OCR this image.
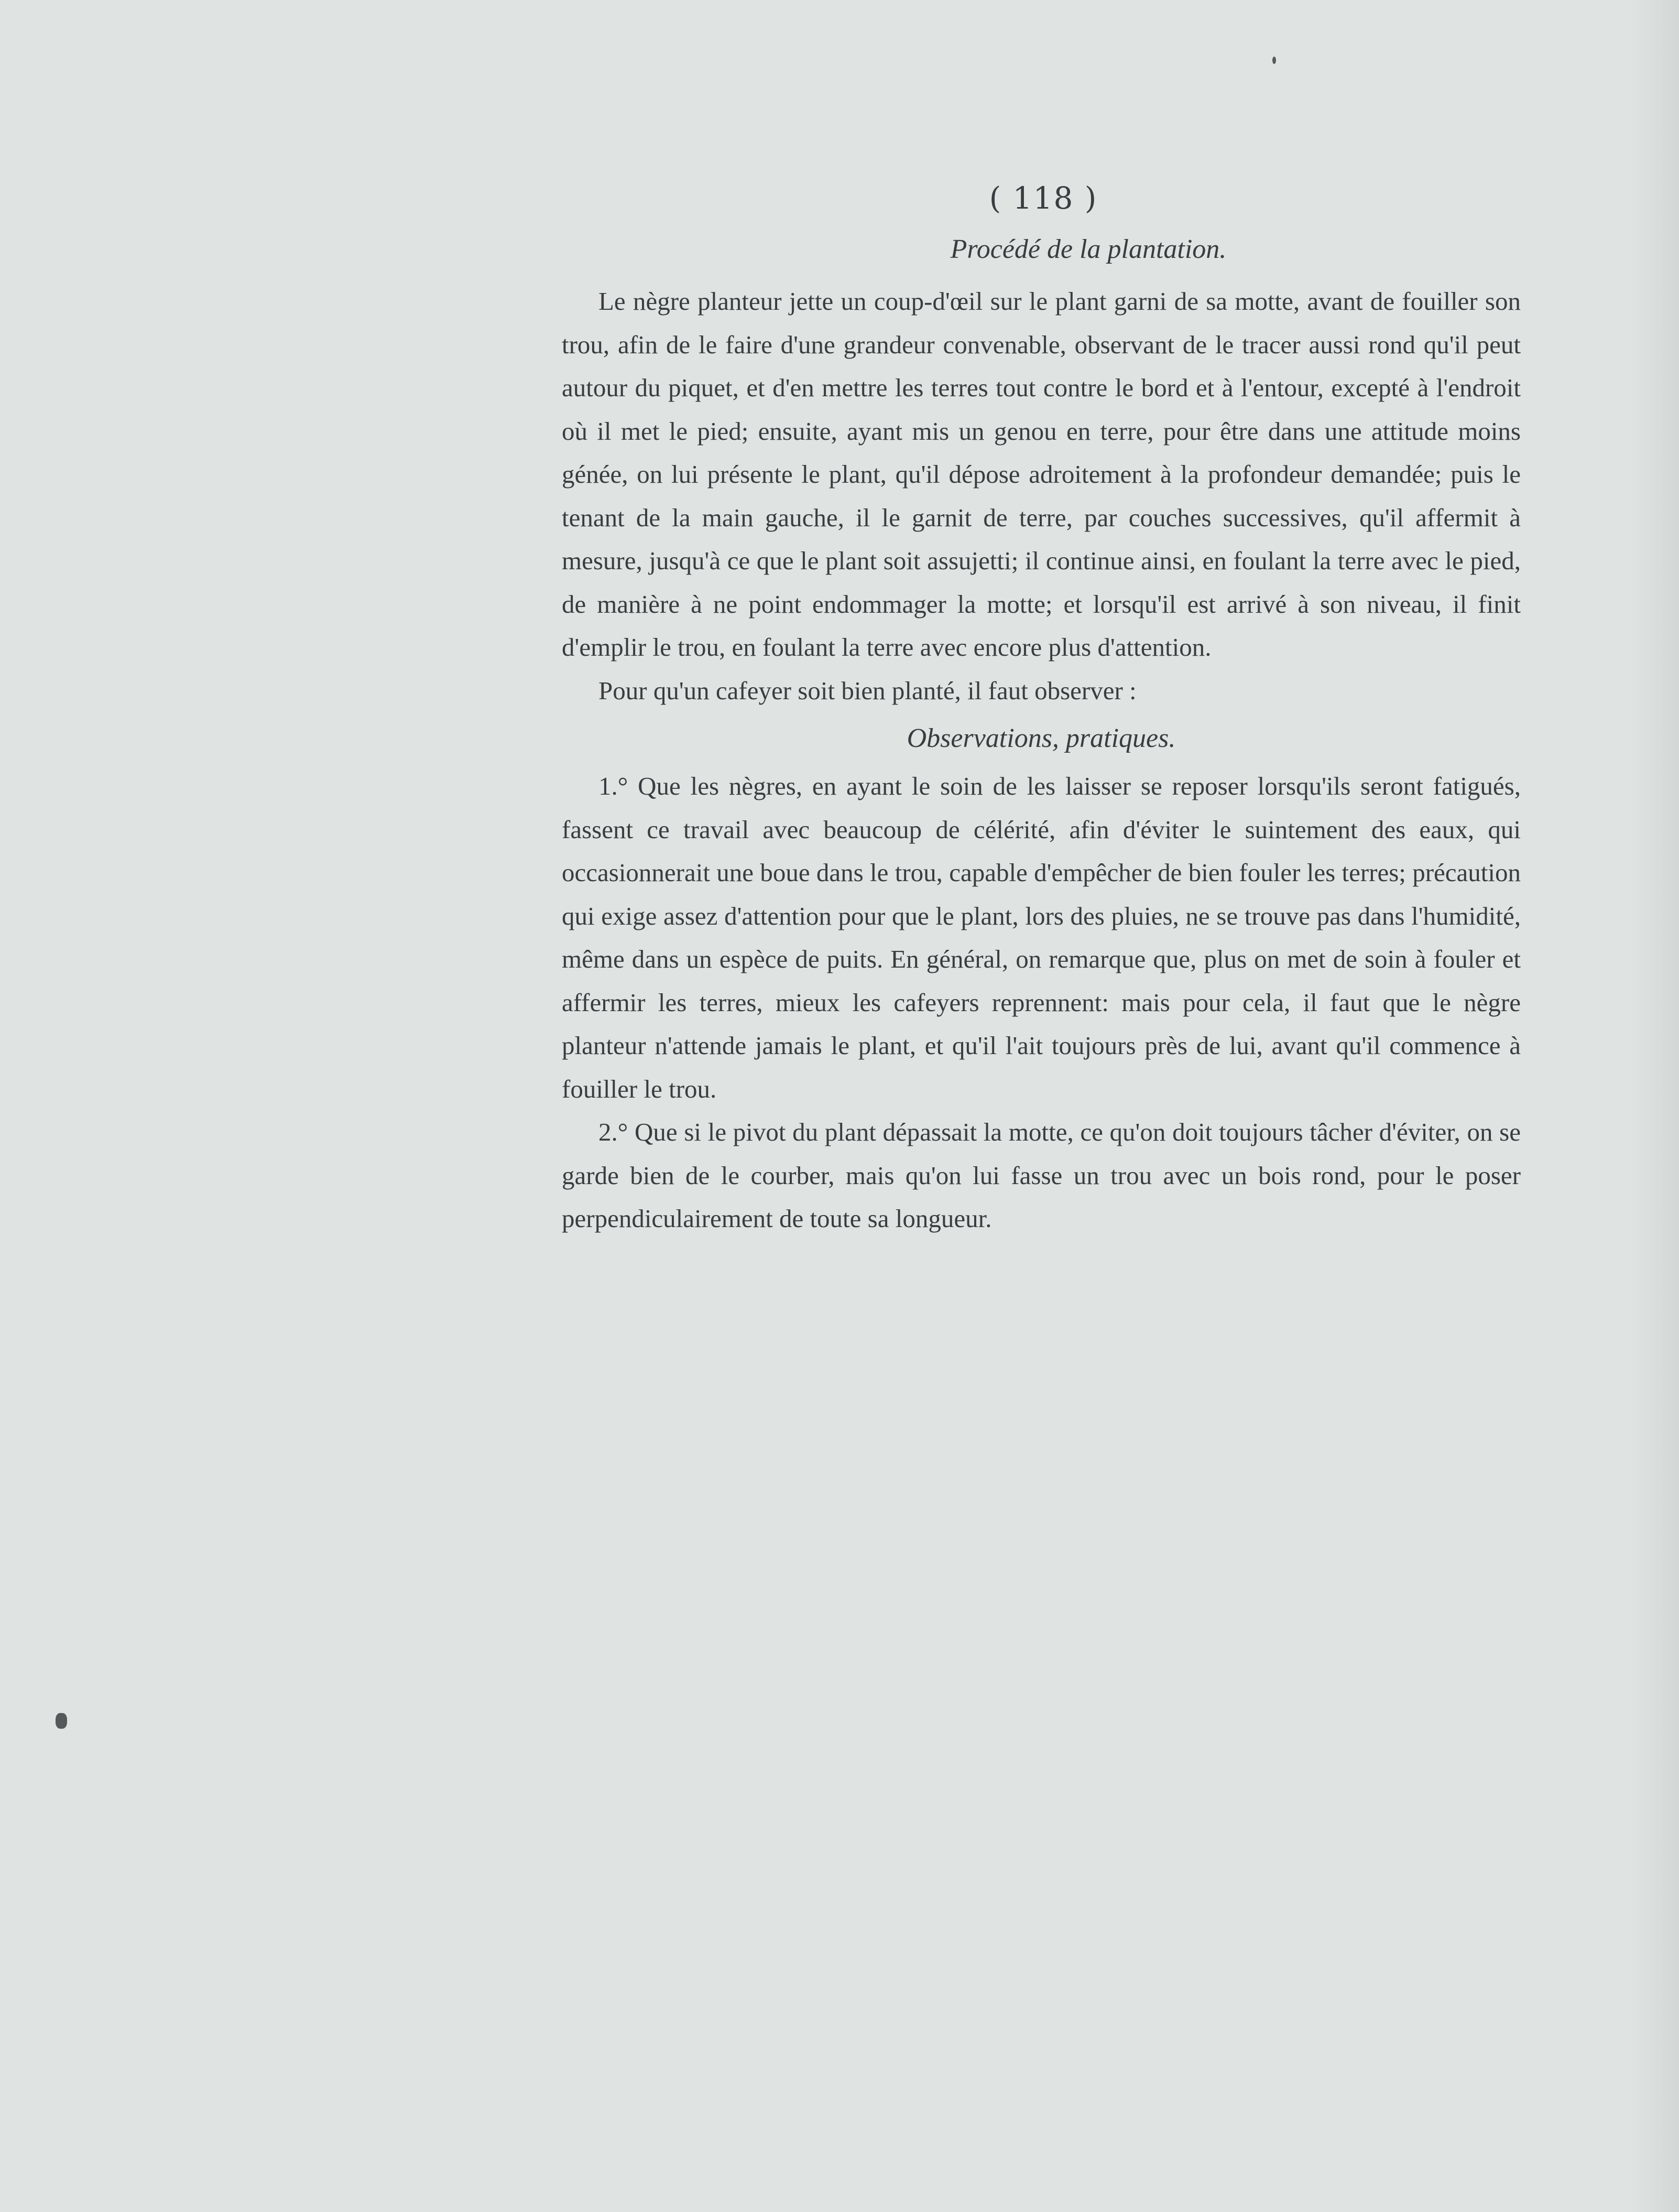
( 118 )
Procédé de la plantation.

Le nègre planteur jette un coup-d'œil sur le plant garni de sa motte, avant de fouiller son trou, afin de le faire d'une grandeur convenable, observant de le tracer aussi rond qu'il peut autour du piquet, et d'en mettre les terres tout contre le bord et à l'entour, excepté à l'endroit où il met le pied; ensuite, ayant mis un genou en terre, pour être dans une attitude moins génée, on lui présente le plant, qu'il dépose adroitement à la profondeur demandée; puis le tenant de la main gauche, il le garnit de terre, par couches successives, qu'il affermit à mesure, jusqu'à ce que le plant soit assujetti; il continue ainsi, en foulant la terre avec le pied, de manière à ne point endommager la motte; et lorsqu'il est arrivé à son niveau, il finit d'emplir le trou, en foulant la terre avec encore plus d'attention.

Pour qu'un cafeyer soit bien planté, il faut observer :

Observations, pratiques.

1.° Que les nègres, en ayant le soin de les laisser se reposer lorsqu'ils seront fatigués, fassent ce travail avec beaucoup de célérité, afin d'éviter le suintement des eaux, qui occasionnerait une boue dans le trou, capable d'empêcher de bien fouler les terres; précaution qui exige assez d'attention pour que le plant, lors des pluies, ne se trouve pas dans l'humidité, même dans un espèce de puits. En général, on remarque que, plus on met de soin à fouler et affermir les terres, mieux les cafeyers reprennent: mais pour cela, il faut que le nègre planteur n'attende jamais le plant, et qu'il l'ait toujours près de lui, avant qu'il commence à fouiller le trou.

2.° Que si le pivot du plant dépassait la motte, ce qu'on doit toujours tâcher d'éviter, on se garde bien de le courber, mais qu'on lui fasse un trou avec un bois rond, pour le poser perpendiculairement de toute sa longueur.
